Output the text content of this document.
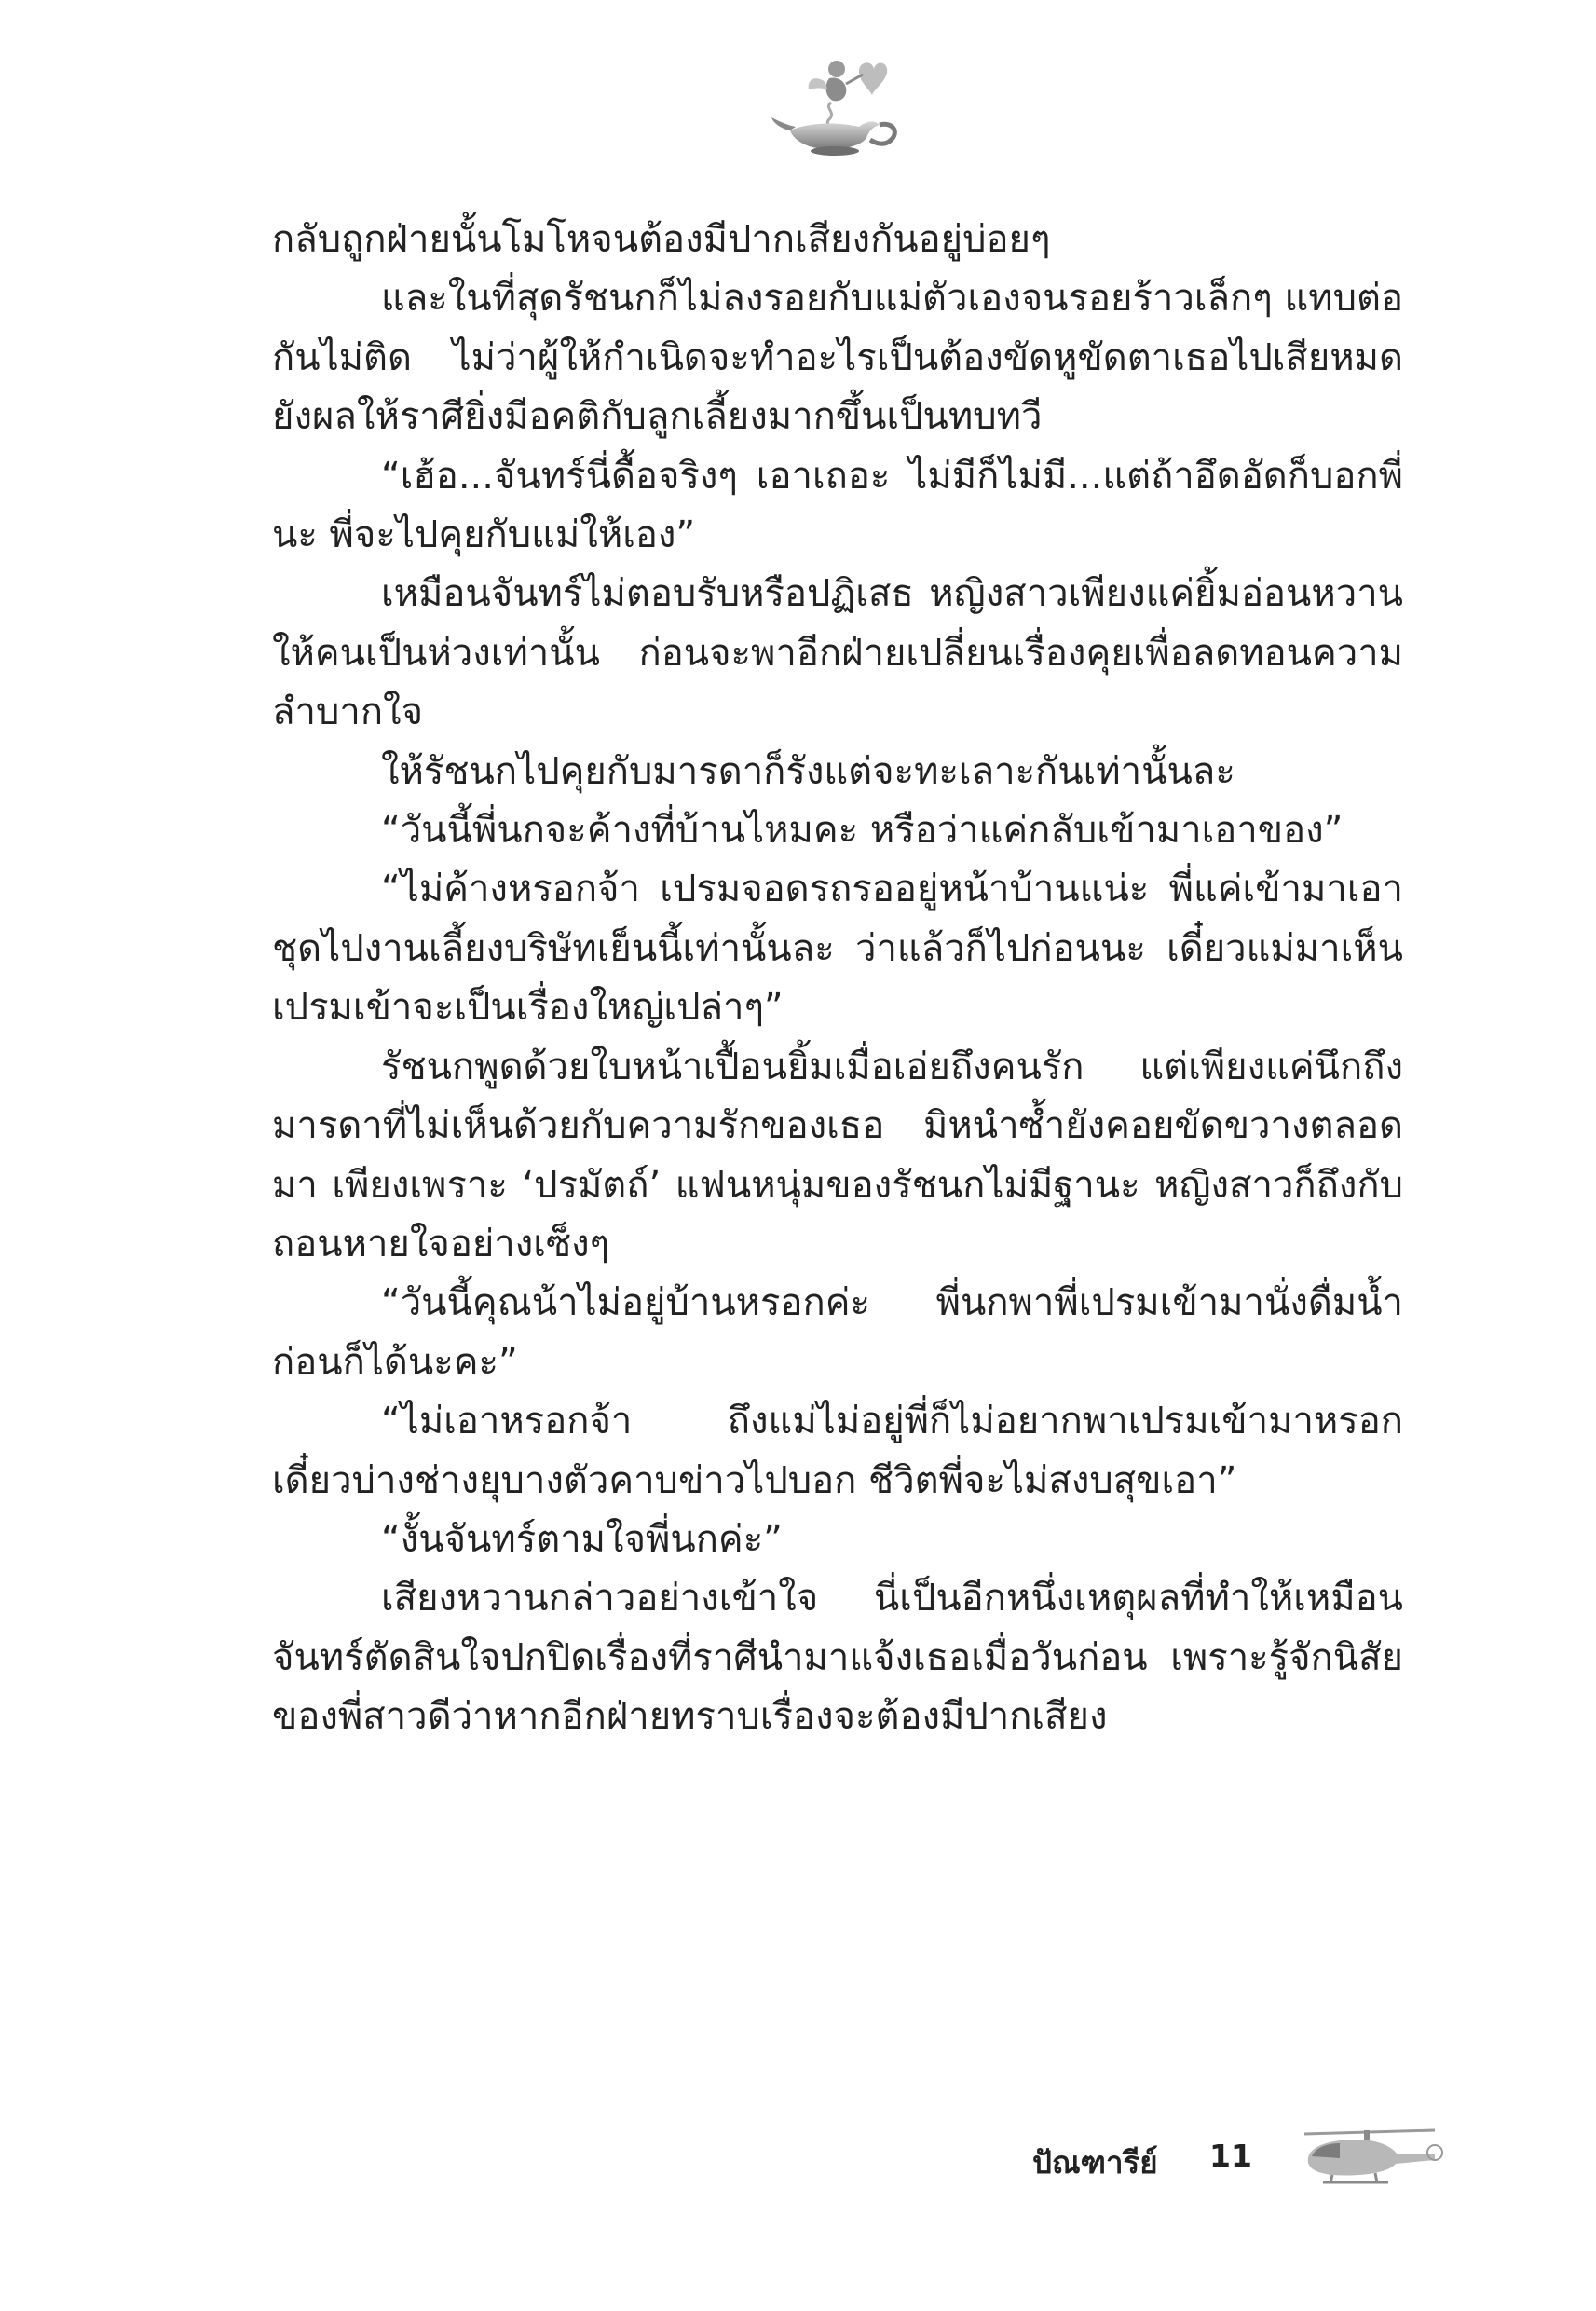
กลับถูกฝ่ายนั้นโมโหจนต้องมีปากเสียงกันอยู่บ่อยๆ

และในที่สุดรัชนกก็ไม่ลงรอยกับแม่ตัวเองจนรอยร้าวเล็กๆ แทบต่อกันไม่ติด ไม่ว่าผู้ให้กำเนิดจะทำอะไรเป็นต้องขัดหูขัดตาเธอไปเสียหมด ยังผลให้ราศียิ่งมีอคติกับลูกเลี้ยงมากขึ้นเป็นทบทวี

“เฮ้อ...จันทร์นี่ดื้อจริงๆ เอาเถอะ ไม่มีก็ไม่มี...แต่ถ้าอึดอัดก็บอกพี่นะ พี่จะไปคุยกับแม่ให้เอง”

เหมือนจันทร์ไม่ตอบรับหรือปฏิเสธ หญิงสาวเพียงแค่ยิ้มอ่อนหวานให้คนเป็นห่วงเท่านั้น ก่อนจะพาอีกฝ่ายเปลี่ยนเรื่องคุยเพื่อลดทอนความลำบากใจ

ให้รัชนกไปคุยกับมารดาก็รังแต่จะทะเลาะกันเท่านั้นละ

“วันนี้พี่นกจะค้างที่บ้านไหมคะ หรือว่าแค่กลับเข้ามาเอาของ”

“ไม่ค้างหรอกจ้า เปรมจอดรถรออยู่หน้าบ้านแน่ะ พี่แค่เข้ามาเอาชุดไปงานเลี้ยงบริษัทเย็นนี้เท่านั้นละ ว่าแล้วก็ไปก่อนนะ เดี๋ยวแม่มาเห็นเปรมเข้าจะเป็นเรื่องใหญ่เปล่าๆ”

รัชนกพูดด้วยใบหน้าเปื้อนยิ้มเมื่อเอ่ยถึงคนรัก แต่เพียงแค่นึกถึงมารดาที่ไม่เห็นด้วยกับความรักของเธอ มิหนำซ้ำยังคอยขัดขวางตลอดมา เพียงเพราะ ‘ปรมัตถ์’ แฟนหนุ่มของรัชนกไม่มีฐานะ หญิงสาวก็ถึงกับถอนหายใจอย่างเซ็งๆ

“วันนี้คุณน้าไม่อยู่บ้านหรอกค่ะ พี่นกพาพี่เปรมเข้ามานั่งดื่มน้ำก่อนก็ได้นะคะ”

“ไม่เอาหรอกจ้า ถึงแม่ไม่อยู่พี่ก็ไม่อยากพาเปรมเข้ามาหรอก เดี๋ยวบ่างช่างยุบางตัวคาบข่าวไปบอก ชีวิตพี่จะไม่สงบสุขเอา”

“งั้นจันทร์ตามใจพี่นกค่ะ”

เสียงหวานกล่าวอย่างเข้าใจ นี่เป็นอีกหนึ่งเหตุผลที่ทำให้เหมือนจันทร์ตัดสินใจปกปิดเรื่องที่ราศีนำมาแจ้งเธอเมื่อวันก่อน เพราะรู้จักนิสัยของพี่สาวดีว่าหากอีกฝ่ายทราบเรื่องจะต้องมีปากเสียง

ปัณฑารีย์ 11
